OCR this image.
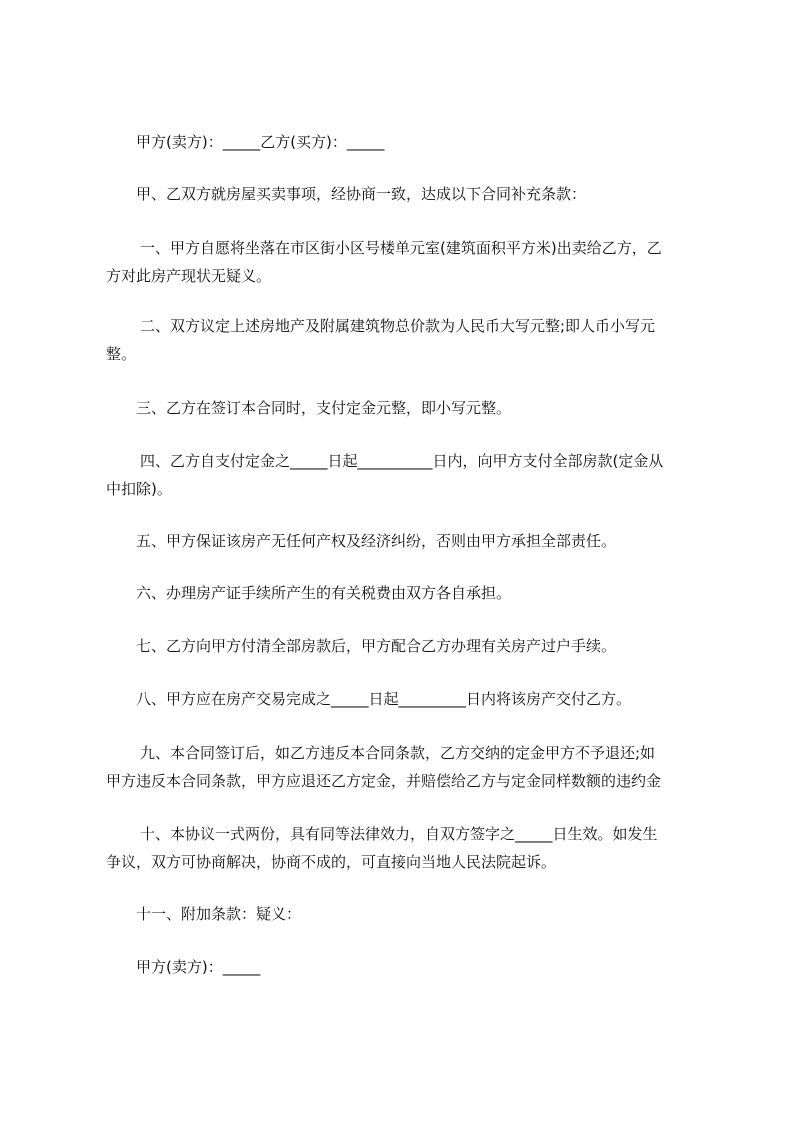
甲方(卖方)：_____乙方(买方)：_____

甲、乙双方就房屋买卖事项，经协商一致，达成以下合同补充条款：

一、甲方自愿将坐落在市区街小区号楼单元室(建筑面积平方米)出卖给乙方，乙
方对此房产现状无疑义。

二、双方议定上述房地产及附属建筑物总价款为人民币大写元整;即人币小写元
整。

三、乙方在签订本合同时，支付定金元整，即小写元整。

四、乙方自支付定金之_____日起__________日内，向甲方支付全部房款(定金从
中扣除)。

五、甲方保证该房产无任何产权及经济纠纷，否则由甲方承担全部责任。

六、办理房产证手续所产生的有关税费由双方各自承担。

七、乙方向甲方付清全部房款后，甲方配合乙方办理有关房产过户手续。

八、甲方应在房产交易完成之_____日起_________日内将该房产交付乙方。

九、本合同签订后，如乙方违反本合同条款，乙方交纳的定金甲方不予退还;如
甲方违反本合同条款，甲方应退还乙方定金，并赔偿给乙方与定金同样数额的违约金

十、本协议一式两份，具有同等法律效力，自双方签字之_____日生效。如发生
争议，双方可协商解决，协商不成的，可直接向当地人民法院起诉。

十一、附加条款：疑义：

甲方(卖方)：_____
